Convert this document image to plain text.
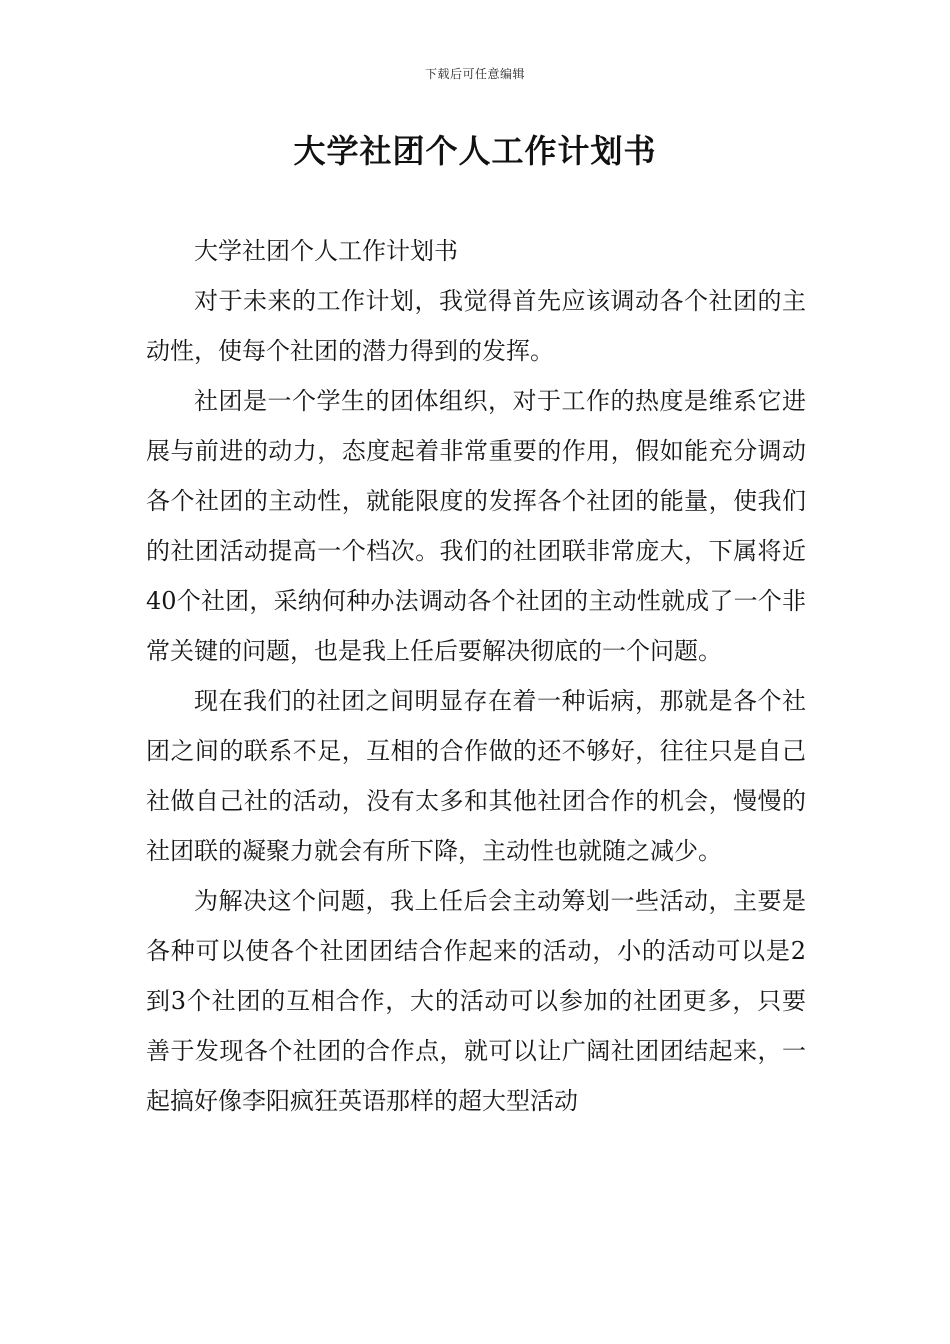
下载后可任意编辑
大学社团个人工作计划书

大学社团个人工作计划书

对于未来的工作计划，我觉得首先应该调动各个社团的主动性，使每个社团的潜力得到的发挥。

社团是一个学生的团体组织，对于工作的热度是维系它进展与前进的动力，态度起着非常重要的作用，假如能充分调动各个社团的主动性，就能限度的发挥各个社团的能量，使我们的社团活动提高一个档次。我们的社团联非常庞大，下属将近40个社团，采纳何种办法调动各个社团的主动性就成了一个非常关键的问题，也是我上任后要解决彻底的一个问题。

现在我们的社团之间明显存在着一种诟病，那就是各个社团之间的联系不足，互相的合作做的还不够好，往往只是自己社做自己社的活动，没有太多和其他社团合作的机会，慢慢的社团联的凝聚力就会有所下降，主动性也就随之减少。

为解决这个问题，我上任后会主动筹划一些活动，主要是各种可以使各个社团团结合作起来的活动，小的活动可以是2到3个社团的互相合作，大的活动可以参加的社团更多，只要善于发现各个社团的合作点，就可以让广阔社团团结起来，一起搞好像李阳疯狂英语那样的超大型活动
